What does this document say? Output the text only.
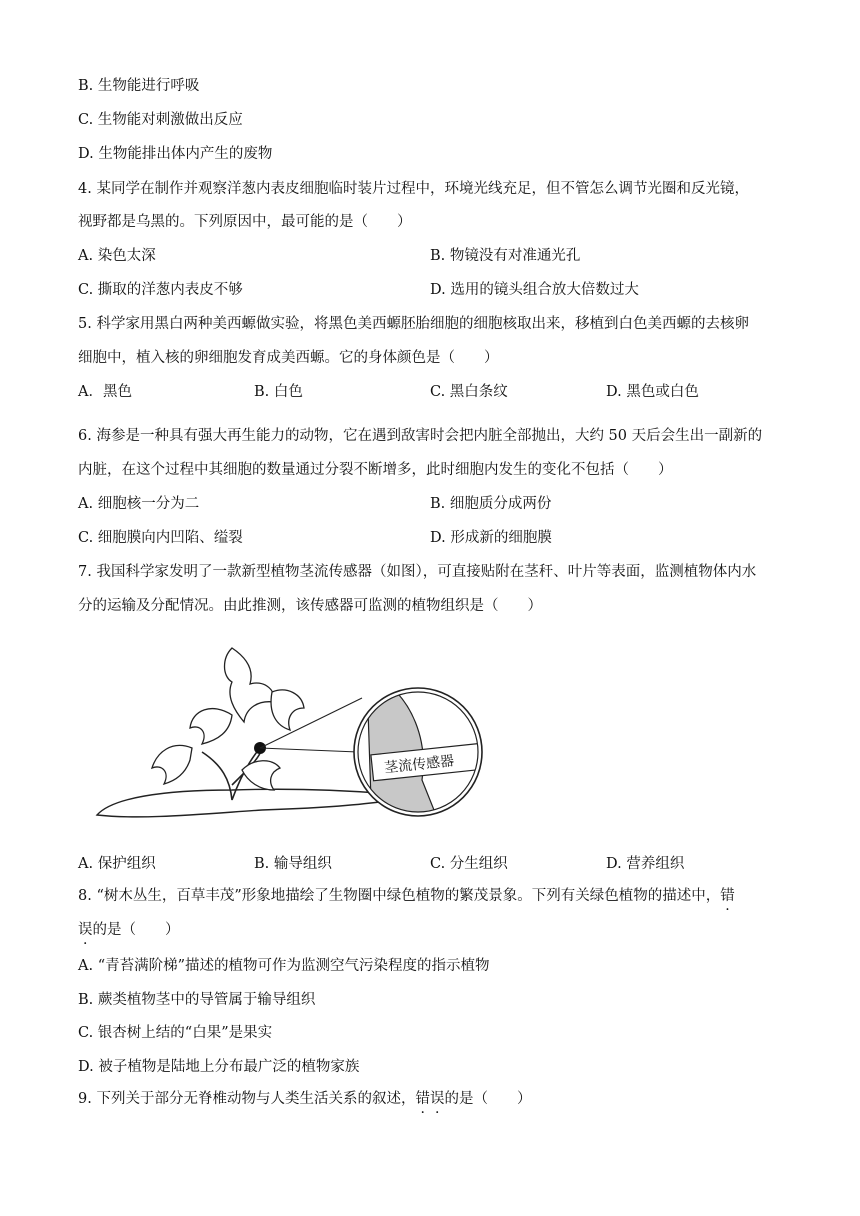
B. 生物能进行呼吸
C. 生物能对刺激做出反应
D. 生物能排出体内产生的废物
4. 某同学在制作并观察洋葱内表皮细胞临时装片过程中，环境光线充足，但不管怎么调节光圈和反光镜，
视野都是乌黑的。下列原因中，最可能的是（　　）
A. 染色太深	B. 物镜没有对准通光孔
C. 撕取的洋葱内表皮不够	D. 选用的镜头组合放大倍数过大
5. 科学家用黑白两种美西螈做实验，将黑色美西螈胚胎细胞的细胞核取出来，移植到白色美西螈的去核卵
细胞中，植入核的卵细胞发育成美西螈。它的身体颜色是（　　）
A．黑色	B. 白色	C. 黑白条纹	D. 黑色或白色
6. 海参是一种具有强大再生能力的动物，它在遇到敌害时会把内脏全部抛出，大约 50 天后会生出一副新的
内脏，在这个过程中其细胞的数量通过分裂不断增多，此时细胞内发生的变化不包括（　　）
A. 细胞核一分为二	B. 细胞质分成两份
C. 细胞膜向内凹陷、缢裂	D. 形成新的细胞膜
7. 我国科学家发明了一款新型植物茎流传感器（如图），可直接贴附在茎秆、叶片等表面，监测植物体内水
分的运输及分配情况。由此推测，该传感器可监测的植物组织是（　　）
茎流传感器
A. 保护组织	B. 输导组织	C. 分生组织	D. 营养组织
8. “树木丛生，百草丰茂”形象地描绘了生物圈中绿色植物的繁茂景象。下列有关绿色植物的描述中，错
误的是（　　）
A. “青苔满阶梯”描述的植物可作为监测空气污染程度的指示植物
B. 蕨类植物茎中的导管属于输导组织
C. 银杏树上结的“白果”是果实
D. 被子植物是陆地上分布最广泛的植物家族
9. 下列关于部分无脊椎动物与人类生活关系的叙述，错误的是（　　）
